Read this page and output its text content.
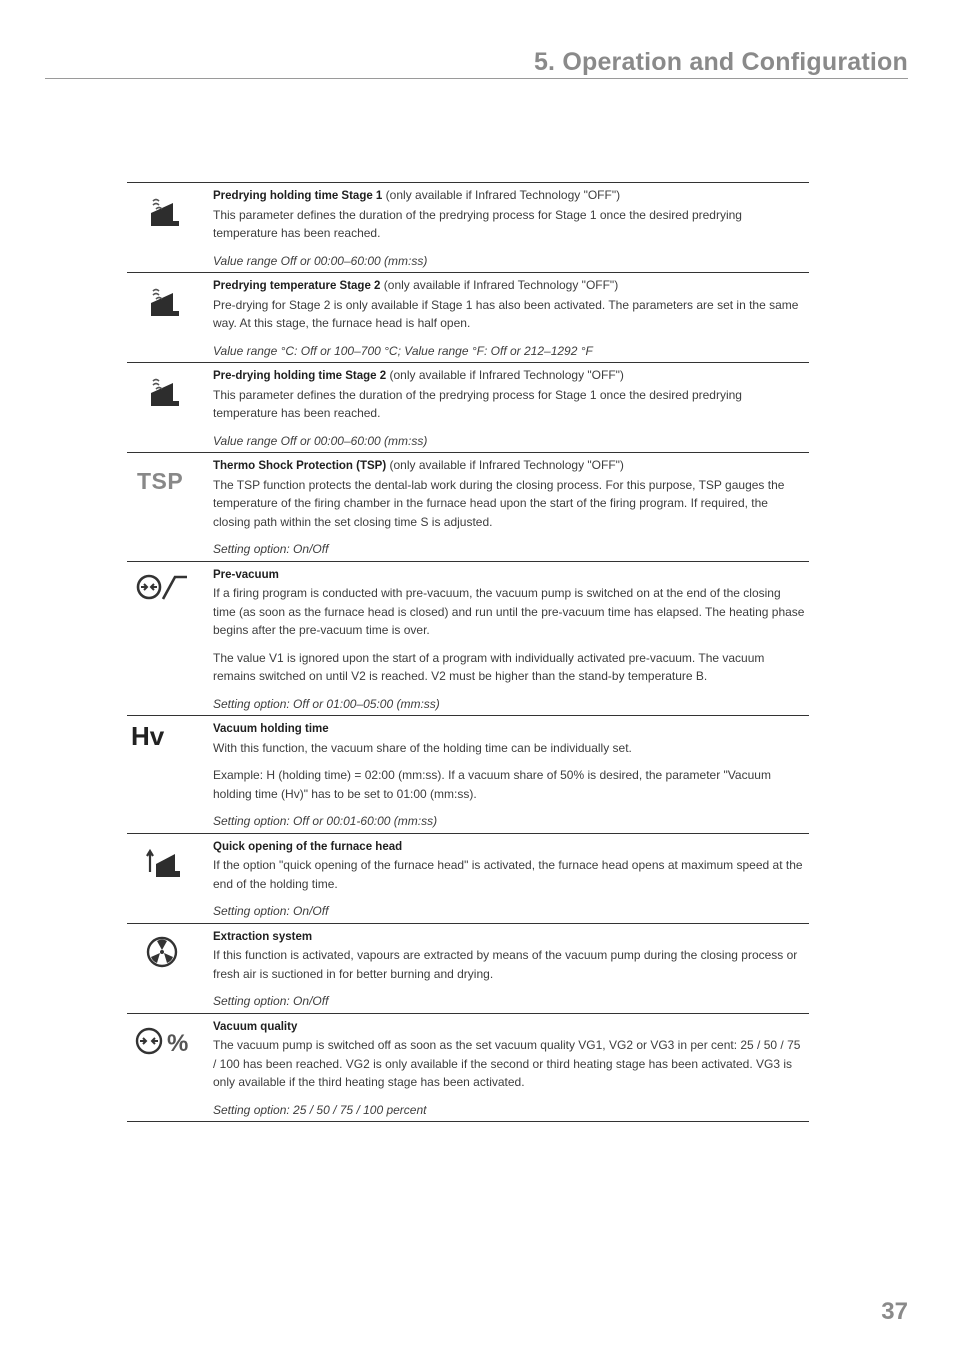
5. Operation and Configuration

Predrying holding time Stage 1 (only available if Infrared Technology "OFF")

This parameter defines the duration of the predrying process for Stage 1 once the desired predrying temperature has been reached.

Value range Off or 00:00–60:00 (mm:ss)

Predrying temperature Stage 2 (only available if Infrared Technology "OFF")

Pre-drying for Stage 2 is only available if Stage 1 has also been activated. The parameters are set in the same way. At this stage, the furnace head is half open.

Value range °C: Off or 100–700 °C; Value range °F: Off or 212–1292 °F

Pre-drying holding time Stage 2 (only available if Infrared Technology "OFF")

This parameter defines the duration of the predrying process for Stage 1 once the desired predrying temperature has been reached.

Value range Off or 00:00–60:00 (mm:ss)

TSP

Thermo Shock Protection (TSP) (only available if Infrared Technology "OFF")

The TSP function protects the dental-lab work during the closing process. For this purpose, TSP gauges the temperature of the firing chamber in the furnace head upon the start of the firing program. If required, the closing path within the set closing time S is adjusted.

Setting option: On/Off

Pre-vacuum

If a firing program is conducted with pre-vacuum, the vacuum pump is switched on at the end of the closing time (as soon as the furnace head is closed) and run until the pre-vacuum time has elapsed. The heating phase begins after the pre-vacuum time is over.

The value V1 is ignored upon the start of a program with individually activated pre-vacuum. The vacuum remains switched on until V2 is reached. V2 must be higher than the stand-by temperature B.

Setting option: Off or 01:00–05:00 (mm:ss)

Hv	Vacuum holding time

With this function, the vacuum share of the holding time can be individually set.

Example: H (holding time) = 02:00 (mm:ss). If a vacuum share of 50% is desired, the parameter "Vacuum holding time (Hv)" has to be set to 01:00 (mm:ss).

Setting option: Off or 00:01-60:00 (mm:ss)

Quick opening of the furnace head

If the option "quick opening of the furnace head" is activated, the furnace head opens at maximum speed at the end of the holding time.

Setting option: On/Off

Extraction system

If this function is activated, vapours are extracted by means of the vacuum pump during the closing process or fresh air is suctioned in for better burning and drying.

Setting option: On/Off

%

Vacuum quality

The vacuum pump is switched off as soon as the set vacuum quality VG1, VG2 or VG3 in per cent: 25 / 50 / 75 / 100 has been reached. VG2 is only available if the second or third heating stage has been activated. VG3 is only available if the third heating stage has been activated.

Setting option: 25 / 50 / 75 / 100 percent

37
